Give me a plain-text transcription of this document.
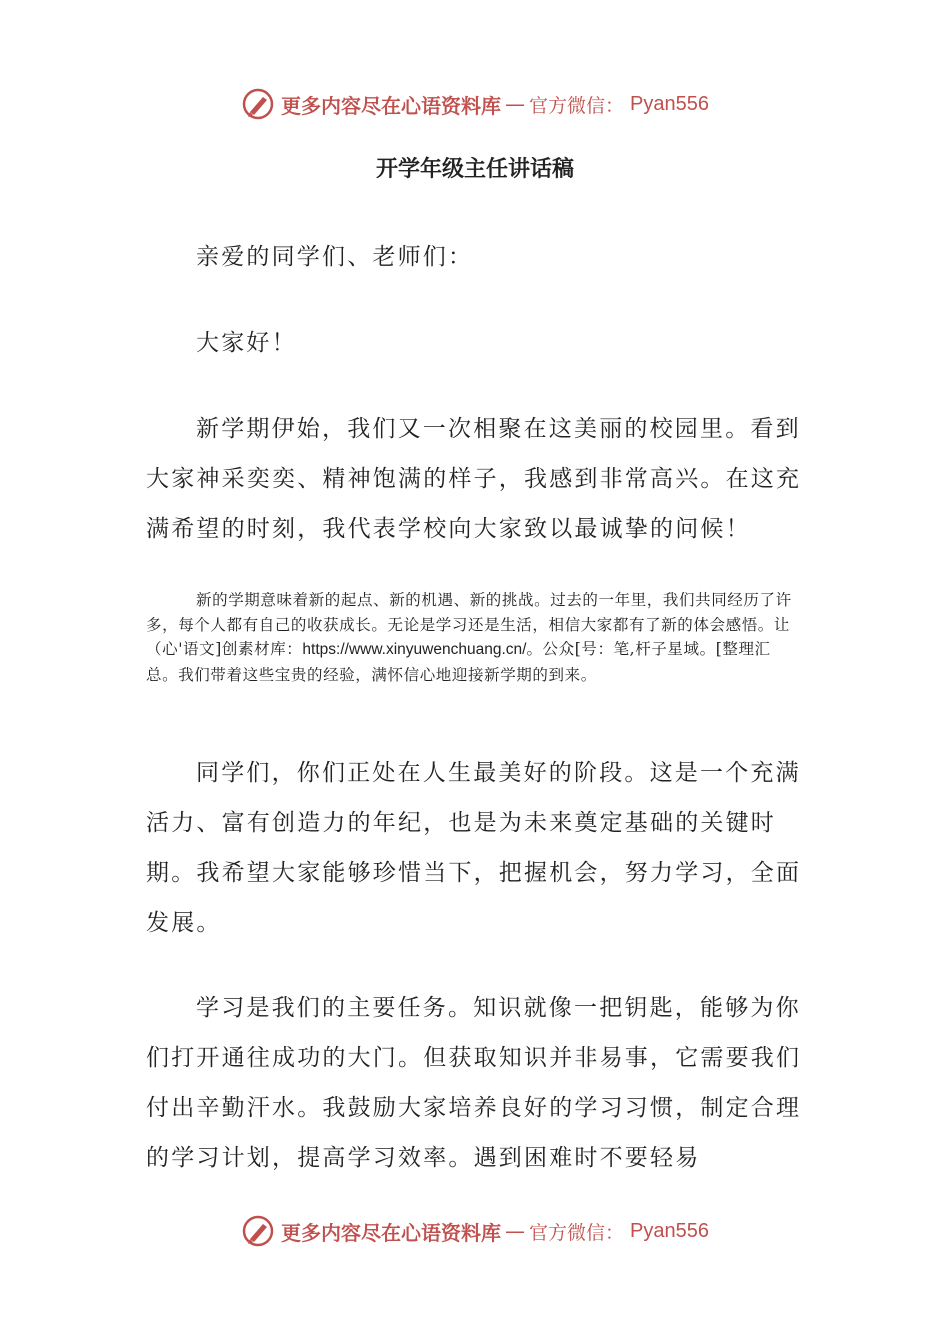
更多内容尽在心语资料库 — 官方微信： Pyan556
开学年级主任讲话稿

亲爱的同学们、老师们：

大家好！

新学期伊始，我们又一次相聚在这美丽的校园里。看到大家神采奕奕、精神饱满的样子，我感到非常高兴。在这充满希望的时刻，我代表学校向大家致以最诚挚的问候！

新的学期意味着新的起点、新的机遇、新的挑战。过去的一年里，我们共同经历了许多，每个人都有自己的收获成长。无论是学习还是生活，相信大家都有了新的体会感悟。让（心'语文]创素材库：https://www.xinyuwenchuang.cn/。公众[号：笔,杆子星域。[整理汇总。我们带着这些宝贵的经验，满怀信心地迎接新学期的到来。

同学们，你们正处在人生最美好的阶段。这是一个充满活力、富有创造力的年纪，也是为未来奠定基础的关键时期。我希望大家能够珍惜当下，把握机会，努力学习，全面发展。

学习是我们的主要任务。知识就像一把钥匙，能够为你们打开通往成功的大门。但获取知识并非易事，它需要我们付出辛勤汗水。我鼓励大家培养良好的学习习惯，制定合理的学习计划，提高学习效率。遇到困难时不要轻易

更多内容尽在心语资料库 — 官方微信： Pyan556
